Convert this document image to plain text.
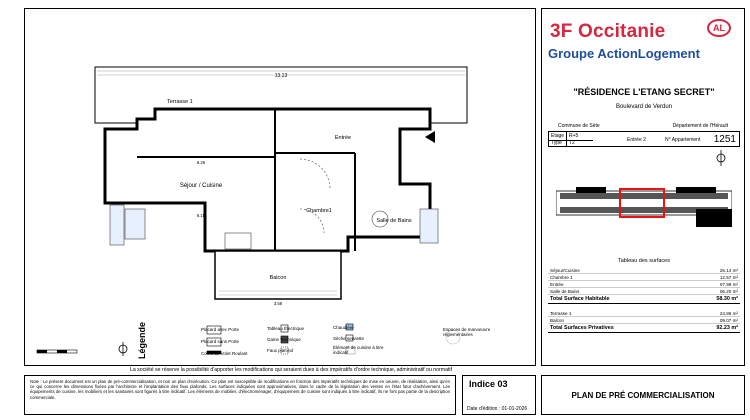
13.13
Entrée
Séjour / Cuisine
Chambre1
Salle de Bains
Terrasse 1
6.26
6.18
Balcon
3.58
Légende	Placard avec Porte
Placard sans Porte
Coffre de Volet Roulant
Tableau Électrique
Gaine Technique
Faux plafond
Chaudière
Sèche serviette
Élément de cuisine à titre indicatif
Espaces de manoeuvre réglementaires
La société se réserve la possibilité d'apporter les modifications qui seraient dues à des impératifs d'ordre technique, administratif ou normatif
Note : Le présent document est un plan de pré-commercialisation, et non un plan d'exécution. Ce plan est susceptible de modifications en fonction des impératifs techniques de mise en oeuvre, de réalisation, ainsi qu'en ce qui concerne les dimensions fixées par l'architecte et l'implantation des faux plafonds. Les surfaces indiquées sont approximatives, dans le cadre de la législation des ventes en l'état futur d'achèvement. Les équipements de cuisine, les mobiliers et les sanitaires sont figurés à titre indicatif. Les éléments de mobilier, d'électroménager, d'équipement de cuisine sont indiqués à titre indicatif, ils ne font pas partie de la description commerciale.
Indice 03
Date d'édition : 01-01-2026
3F Occitanie	AL
Groupe ActionLogement
"RÉSIDENCE L'ETANG SECRET"
Boulevard de Verdun
Commune de Sète	Département de l'Hérault
Etage R+5
Type	T2	Entrée 2	N° Appartement 1251
Tableau des surfaces
Séjour/Cuisine	25.14 m²
Chambre 1	12.57 m²
Entrée	07.99 m²
Salle de Bains	06.20 m²
Total Surface Habitable	58.30 m²
Terrasse 1	24.86 m²
Balcon	09.07 m²
Total Surfaces Privatives	92.23 m²
PLAN DE PRÉ COMMERCIALISATION
